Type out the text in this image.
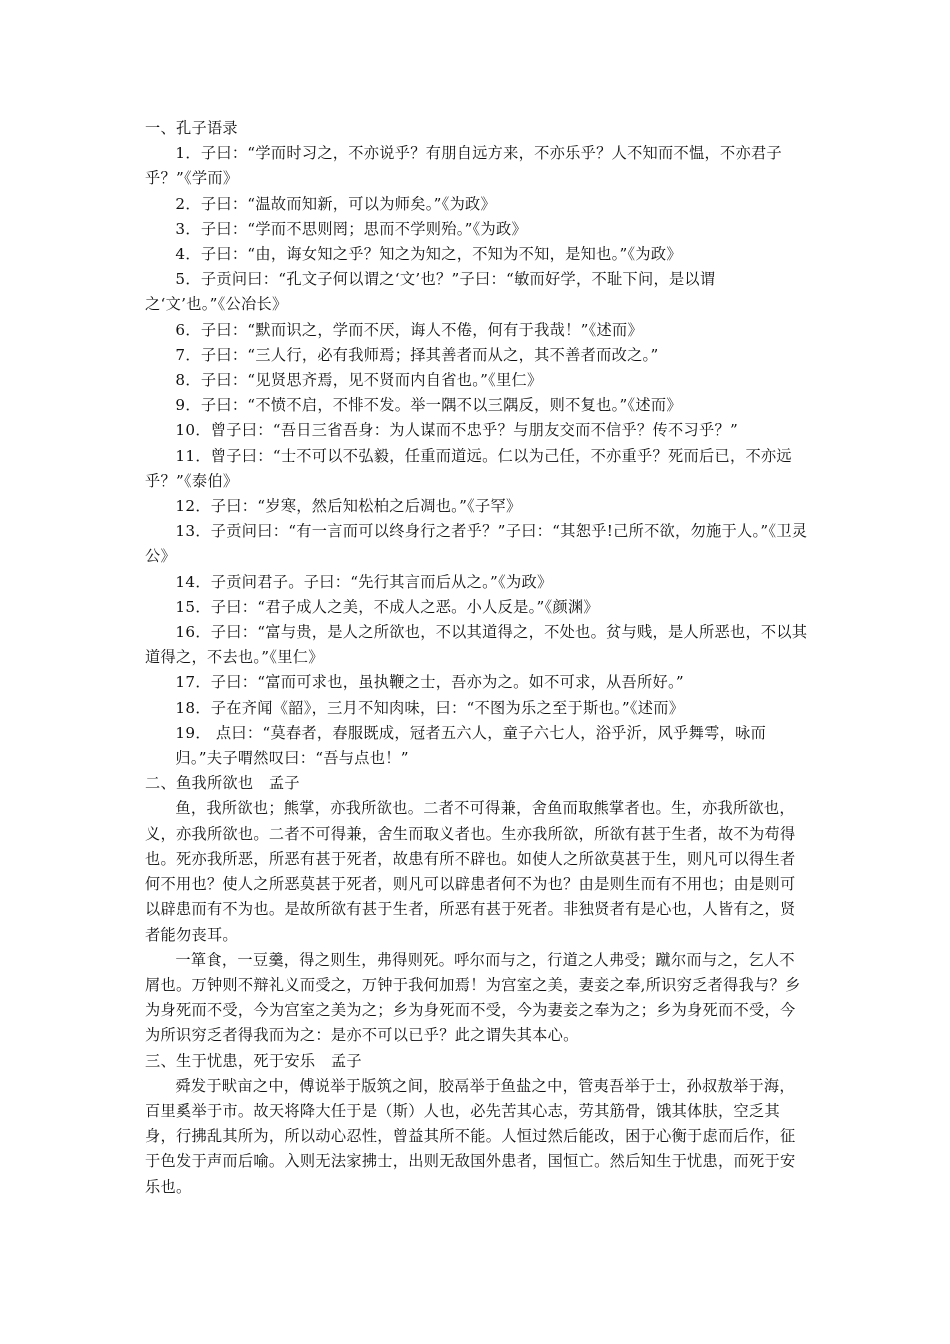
一、孔子语录

1．子曰：“学而时习之，不亦说乎？有朋自远方来，不亦乐乎？人不知而不愠，不亦君子乎？”《学而》

2．子曰：“温故而知新，可以为师矣。”《为政》

3．子曰：“学而不思则罔；思而不学则殆。”《为政》

4．子曰：“由，诲女知之乎？知之为知之，不知为不知，是知也。”《为政》

5．子贡问曰：“孔文子何以谓之‘文’也？”子曰：“敏而好学，不耻下问，是以谓之‘文’也。”《公冶长》

6．子曰：“默而识之，学而不厌，诲人不倦，何有于我哉！”《述而》

7．子曰：“三人行，必有我师焉；择其善者而从之，其不善者而改之。”

8．子曰：“见贤思齐焉，见不贤而内自省也。”《里仁》

9．子曰：“不愤不启，不悱不发。举一隅不以三隅反，则不复也。”《述而》

10．曾子曰：“吾日三省吾身：为人谋而不忠乎？与朋友交而不信乎？传不习乎？”

11．曾子曰：“士不可以不弘毅，任重而道远。仁以为己任，不亦重乎？死而后已，不亦远乎？”《泰伯》

12．子曰：“岁寒，然后知松柏之后凋也。”《子罕》

13．子贡问曰：“有一言而可以终身行之者乎？”子曰：“其恕乎!己所不欲，勿施于人。”《卫灵公》

14．子贡问君子。子曰：“先行其言而后从之。”《为政》

15．子曰：“君子成人之美，不成人之恶。小人反是。”《颜渊》

16．子曰：“富与贵，是人之所欲也，不以其道得之，不处也。贫与贱，是人所恶也，不以其道得之，不去也。”《里仁》

17．子曰：“富而可求也，虽执鞭之士，吾亦为之。如不可求，从吾所好。”

18．子在齐闻《韶》，三月不知肉味，曰：“不图为乐之至于斯也。”《述而》

19． 点曰：“莫春者，春服既成，冠者五六人，童子六七人，浴乎沂，风乎舞雩，咏而归。”夫子喟然叹曰：“吾与点也！”

二、鱼我所欲也　孟子

鱼，我所欲也；熊掌，亦我所欲也。二者不可得兼，舍鱼而取熊掌者也。生，亦我所欲也，义，亦我所欲也。二者不可得兼，舍生而取义者也。生亦我所欲，所欲有甚于生者，故不为苟得也。死亦我所恶，所恶有甚于死者，故患有所不辟也。如使人之所欲莫甚于生，则凡可以得生者何不用也？使人之所恶莫甚于死者，则凡可以辟患者何不为也？由是则生而有不用也；由是则可以辟患而有不为也。是故所欲有甚于生者，所恶有甚于死者。非独贤者有是心也，人皆有之，贤者能勿丧耳。

一箪食，一豆羹，得之则生，弗得则死。呼尔而与之，行道之人弗受；蹴尔而与之，乞人不屑也。万钟则不辩礼义而受之，万钟于我何加焉！为宫室之美，妻妾之奉,所识穷乏者得我与？乡为身死而不受，今为宫室之美为之；乡为身死而不受，今为妻妾之奉为之；乡为身死而不受，今为所识穷乏者得我而为之：是亦不可以已乎？此之谓失其本心。

三、生于忧患，死于安乐　孟子

舜发于畎亩之中，傅说举于版筑之间，胶鬲举于鱼盐之中，管夷吾举于士，孙叔敖举于海，百里奚举于市。故天将降大任于是（斯）人也，必先苦其心志，劳其筋骨，饿其体肤，空乏其身，行拂乱其所为，所以动心忍性，曾益其所不能。人恒过然后能改，困于心衡于虑而后作，征于色发于声而后喻。入则无法家拂士，出则无敌国外患者，国恒亡。然后知生于忧患，而死于安乐也。
